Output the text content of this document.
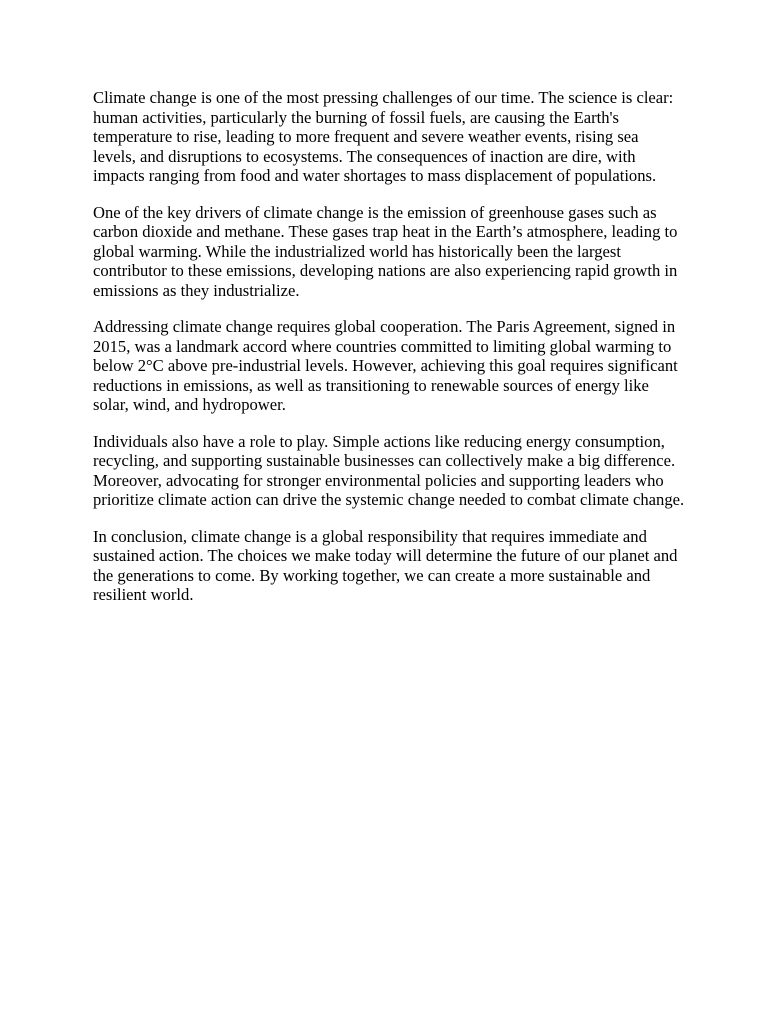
Climate change is one of the most pressing challenges of our time. The science is clear: human activities, particularly the burning of fossil fuels, are causing the Earth's temperature to rise, leading to more frequent and severe weather events, rising sea levels, and disruptions to ecosystems. The consequences of inaction are dire, with impacts ranging from food and water shortages to mass displacement of populations.

One of the key drivers of climate change is the emission of greenhouse gases such as carbon dioxide and methane. These gases trap heat in the Earth’s atmosphere, leading to global warming. While the industrialized world has historically been the largest contributor to these emissions, developing nations are also experiencing rapid growth in emissions as they industrialize.

Addressing climate change requires global cooperation. The Paris Agreement, signed in 2015, was a landmark accord where countries committed to limiting global warming to below 2°C above pre-industrial levels. However, achieving this goal requires significant reductions in emissions, as well as transitioning to renewable sources of energy like solar, wind, and hydropower.

Individuals also have a role to play. Simple actions like reducing energy consumption, recycling, and supporting sustainable businesses can collectively make a big difference. Moreover, advocating for stronger environmental policies and supporting leaders who prioritize climate action can drive the systemic change needed to combat climate change.

In conclusion, climate change is a global responsibility that requires immediate and sustained action. The choices we make today will determine the future of our planet and the generations to come. By working together, we can create a more sustainable and resilient world.
